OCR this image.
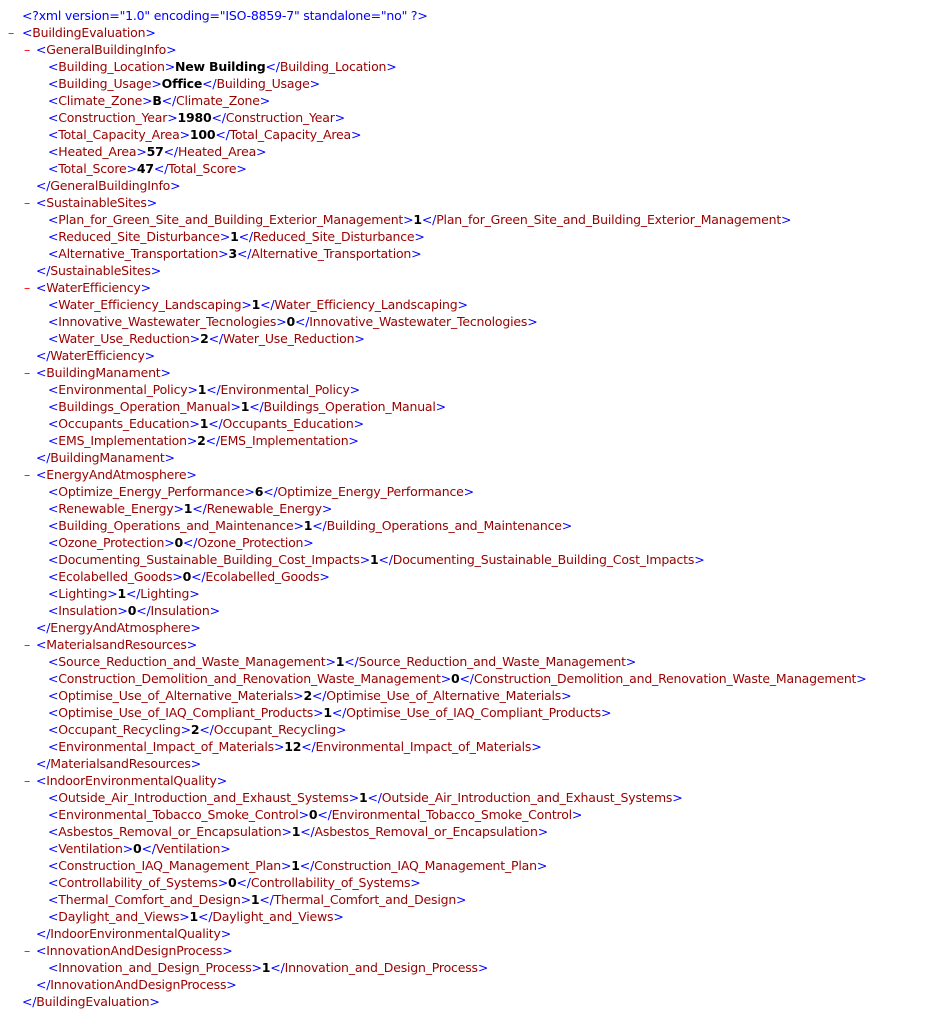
<?xml version="1.0" encoding="ISO-8859-7" standalone="no" ?>
– <BuildingEvaluation>
– <GeneralBuildingInfo>
<Building_Location>New Building</Building_Location>
<Building_Usage>Office</Building_Usage>
<Climate_Zone>B</Climate_Zone>
<Construction_Year>1980</Construction_Year>
<Total_Capacity_Area>100</Total_Capacity_Area>
<Heated_Area>57</Heated_Area>
<Total_Score>47</Total_Score>
</GeneralBuildingInfo>
– <SustainableSites>
<Plan_for_Green_Site_and_Building_Exterior_Management>1</Plan_for_Green_Site_and_Building_Exterior_Management>
<Reduced_Site_Disturbance>1</Reduced_Site_Disturbance>
<Alternative_Transportation>3</Alternative_Transportation>
</SustainableSites>
– <WaterEfficiency>
<Water_Efficiency_Landscaping>1</Water_Efficiency_Landscaping>
<Innovative_Wastewater_Tecnologies>0</Innovative_Wastewater_Tecnologies>
<Water_Use_Reduction>2</Water_Use_Reduction>
</WaterEfficiency>
– <BuildingManament>
<Environmental_Policy>1</Environmental_Policy>
<Buildings_Operation_Manual>1</Buildings_Operation_Manual>
<Occupants_Education>1</Occupants_Education>
<EMS_Implementation>2</EMS_Implementation>
</BuildingManament>
– <EnergyAndAtmosphere>
<Optimize_Energy_Performance>6</Optimize_Energy_Performance>
<Renewable_Energy>1</Renewable_Energy>
<Building_Operations_and_Maintenance>1</Building_Operations_and_Maintenance>
<Ozone_Protection>0</Ozone_Protection>
<Documenting_Sustainable_Building_Cost_Impacts>1</Documenting_Sustainable_Building_Cost_Impacts>
<Ecolabelled_Goods>0</Ecolabelled_Goods>
<Lighting>1</Lighting>
<Insulation>0</Insulation>
</EnergyAndAtmosphere>
– <MaterialsandResources>
<Source_Reduction_and_Waste_Management>1</Source_Reduction_and_Waste_Management>
<Construction_Demolition_and_Renovation_Waste_Management>0</Construction_Demolition_and_Renovation_Waste_Management>
<Optimise_Use_of_Alternative_Materials>2</Optimise_Use_of_Alternative_Materials>
<Optimise_Use_of_IAQ_Compliant_Products>1</Optimise_Use_of_IAQ_Compliant_Products>
<Occupant_Recycling>2</Occupant_Recycling>
<Environmental_Impact_of_Materials>12</Environmental_Impact_of_Materials>
</MaterialsandResources>
– <IndoorEnvironmentalQuality>
<Outside_Air_Introduction_and_Exhaust_Systems>1</Outside_Air_Introduction_and_Exhaust_Systems>
<Environmental_Tobacco_Smoke_Control>0</Environmental_Tobacco_Smoke_Control>
<Asbestos_Removal_or_Encapsulation>1</Asbestos_Removal_or_Encapsulation>
<Ventilation>0</Ventilation>
<Construction_IAQ_Management_Plan>1</Construction_IAQ_Management_Plan>
<Controllability_of_Systems>0</Controllability_of_Systems>
<Thermal_Comfort_and_Design>1</Thermal_Comfort_and_Design>
<Daylight_and_Views>1</Daylight_and_Views>
</IndoorEnvironmentalQuality>
– <InnovationAndDesignProcess>
<Innovation_and_Design_Process>1</Innovation_and_Design_Process>
</InnovationAndDesignProcess>
</BuildingEvaluation>
